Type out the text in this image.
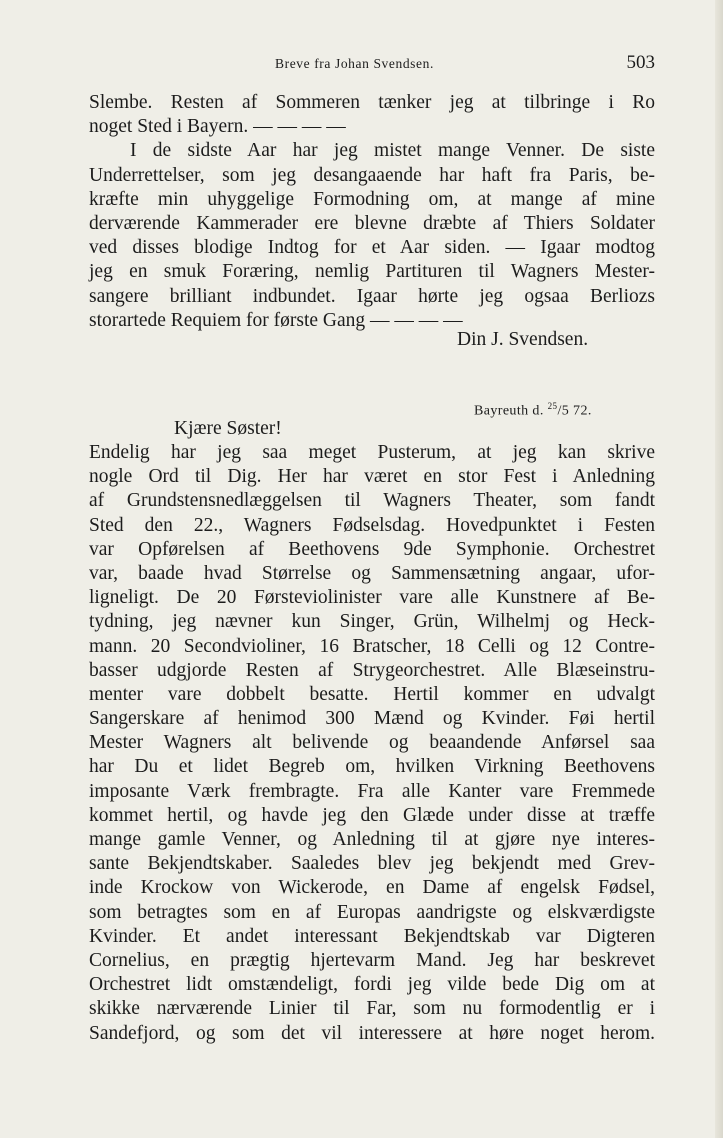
Breve fra Johan Svendsen.	503
Slembe. Resten af Sommeren tænker jeg at tilbringe i Ro
noget Sted i Bayern. — — — —
I de sidste Aar har jeg mistet mange Venner. De siste
Underrettelser, som jeg desangaaende har haft fra Paris, be-
kræfte min uhyggelige Formodning om, at mange af mine
derværende Kammerader ere blevne dræbte af Thiers Soldater
ved disses blodige Indtog for et Aar siden. — Igaar modtog
jeg en smuk Foræring, nemlig Partituren til Wagners Mester-
sangere brilliant indbundet. Igaar hørte jeg ogsaa Berliozs
storartede Requiem for første Gang — — — —
Din J. Svendsen.
Bayreuth d. $^{25}$/5 72.
Kjære Søster!
Endelig har jeg saa meget Pusterum, at jeg kan skrive
nogle Ord til Dig. Her har været en stor Fest i Anledning
af Grundstensnedlæggelsen til Wagners Theater, som fandt
Sted den 22., Wagners Fødselsdag. Hovedpunktet i Festen
var Opførelsen af Beethovens 9de Symphonie. Orchestret
var, baade hvad Størrelse og Sammensætning angaar, ufor-
ligneligt. De 20 Førsteviolinister vare alle Kunstnere af Be-
tydning, jeg nævner kun Singer, Grün, Wilhelmj og Heck-
mann. 20 Secondvioliner, 16 Bratscher, 18 Celli og 12 Contre-
basser udgjorde Resten af Strygeorchestret. Alle Blæseinstru-
menter vare dobbelt besatte. Hertil kommer en udvalgt
Sangerskare af henimod 300 Mænd og Kvinder. Føi hertil
Mester Wagners alt belivende og beaandende Anførsel saa
har Du et lidet Begreb om, hvilken Virkning Beethovens
imposante Værk frembragte. Fra alle Kanter vare Fremmede
kommet hertil, og havde jeg den Glæde under disse at træffe
mange gamle Venner, og Anledning til at gjøre nye interes-
sante Bekjendtskaber. Saaledes blev jeg bekjendt med Grev-
inde Krockow von Wickerode, en Dame af engelsk Fødsel,
som betragtes som en af Europas aandrigste og elskværdigste
Kvinder. Et andet interessant Bekjendtskab var Digteren
Cornelius, en prægtig hjertevarm Mand. Jeg har beskrevet
Orchestret lidt omstændeligt, fordi jeg vilde bede Dig om at
skikke nærværende Linier til Far, som nu formodentlig er i
Sandefjord, og som det vil interessere at høre noget herom.
